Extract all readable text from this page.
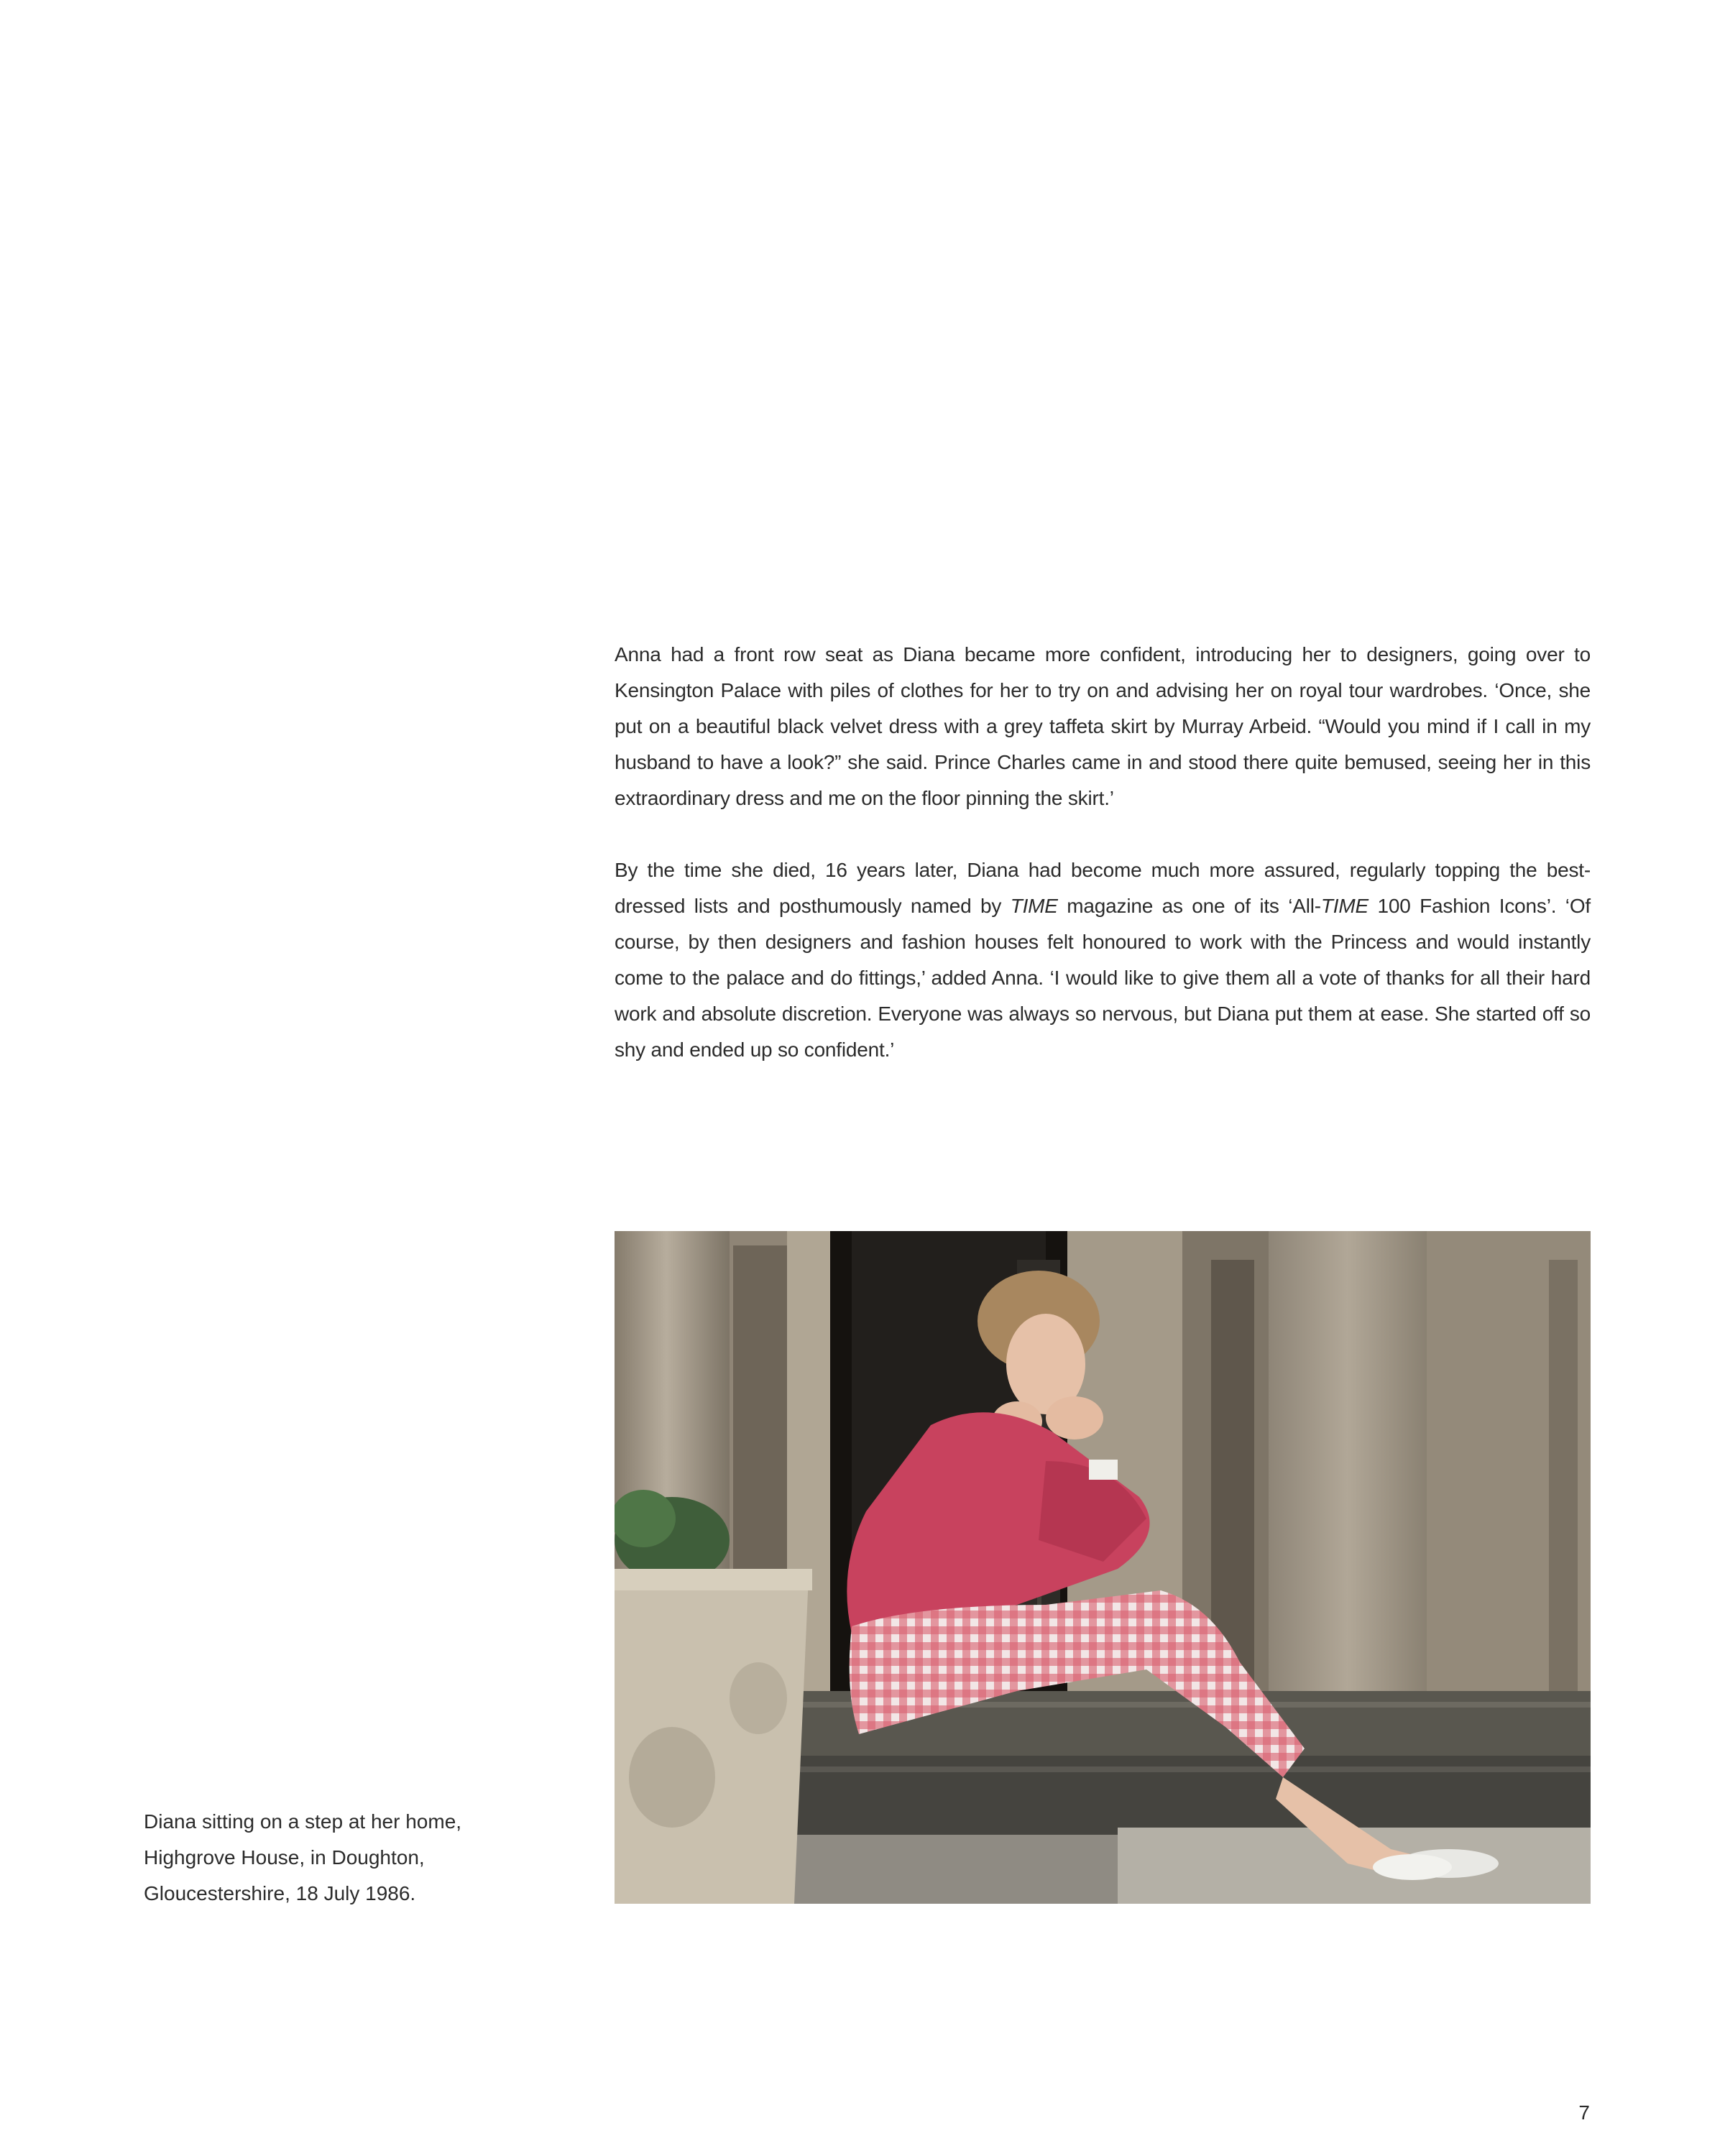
Anna had a front row seat as Diana became more confident, introducing her to designers, going over to Kensington Palace with piles of clothes for her to try on and advising her on royal tour wardrobes. ‘Once, she put on a beautiful black velvet dress with a grey taffeta skirt by Murray Arbeid. “Would you mind if I call in my husband to have a look?” she said. Prince Charles came in and stood there quite bemused, seeing her in this extraordinary dress and me on the floor pinning the skirt.’

By the time she died, 16 years later, Diana had become much more assured, regularly topping the best-dressed lists and posthumously named by TIME magazine as one of its ‘All-TIME 100 Fashion Icons’. ‘Of course, by then designers and fashion houses felt honoured to work with the Princess and would instantly come to the palace and do fittings,’ added Anna. ‘I would like to give them all a vote of thanks for all their hard work and absolute discretion. Everyone was always so nervous, but Diana put them at ease. She started off so shy and ended up so confident.’

Diana sitting on a step at her home,
Highgrove House, in Doughton,
Gloucestershire, 18 July 1986.
7
